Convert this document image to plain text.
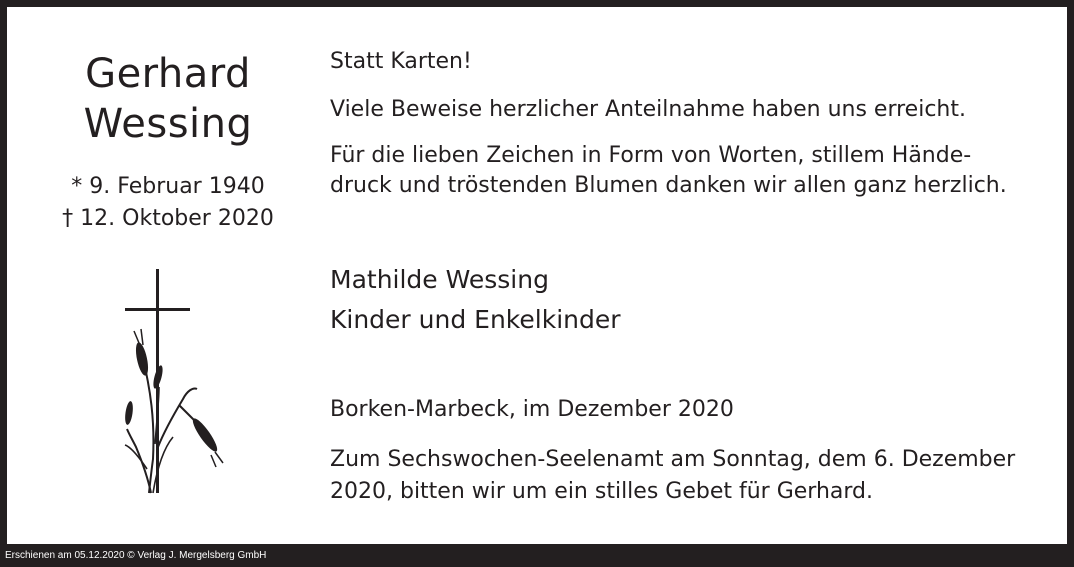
Gerhard
Wessing
* 9. Februar 1940
† 12. Oktober 2020
Statt Karten!
Viele Beweise herzlicher Anteilnahme haben uns erreicht.
Für die lieben Zeichen in Form von Worten, stillem Hände-
druck und tröstenden Blumen danken wir allen ganz herzlich.
Mathilde Wessing
Kinder und Enkelkinder
Borken-Marbeck, im Dezember 2020
Zum Sechswochen-Seelenamt am Sonntag, dem 6. Dezember
2020, bitten wir um ein stilles Gebet für Gerhard.
Erschienen am 05.12.2020 © Verlag J. Mergelsberg GmbH
